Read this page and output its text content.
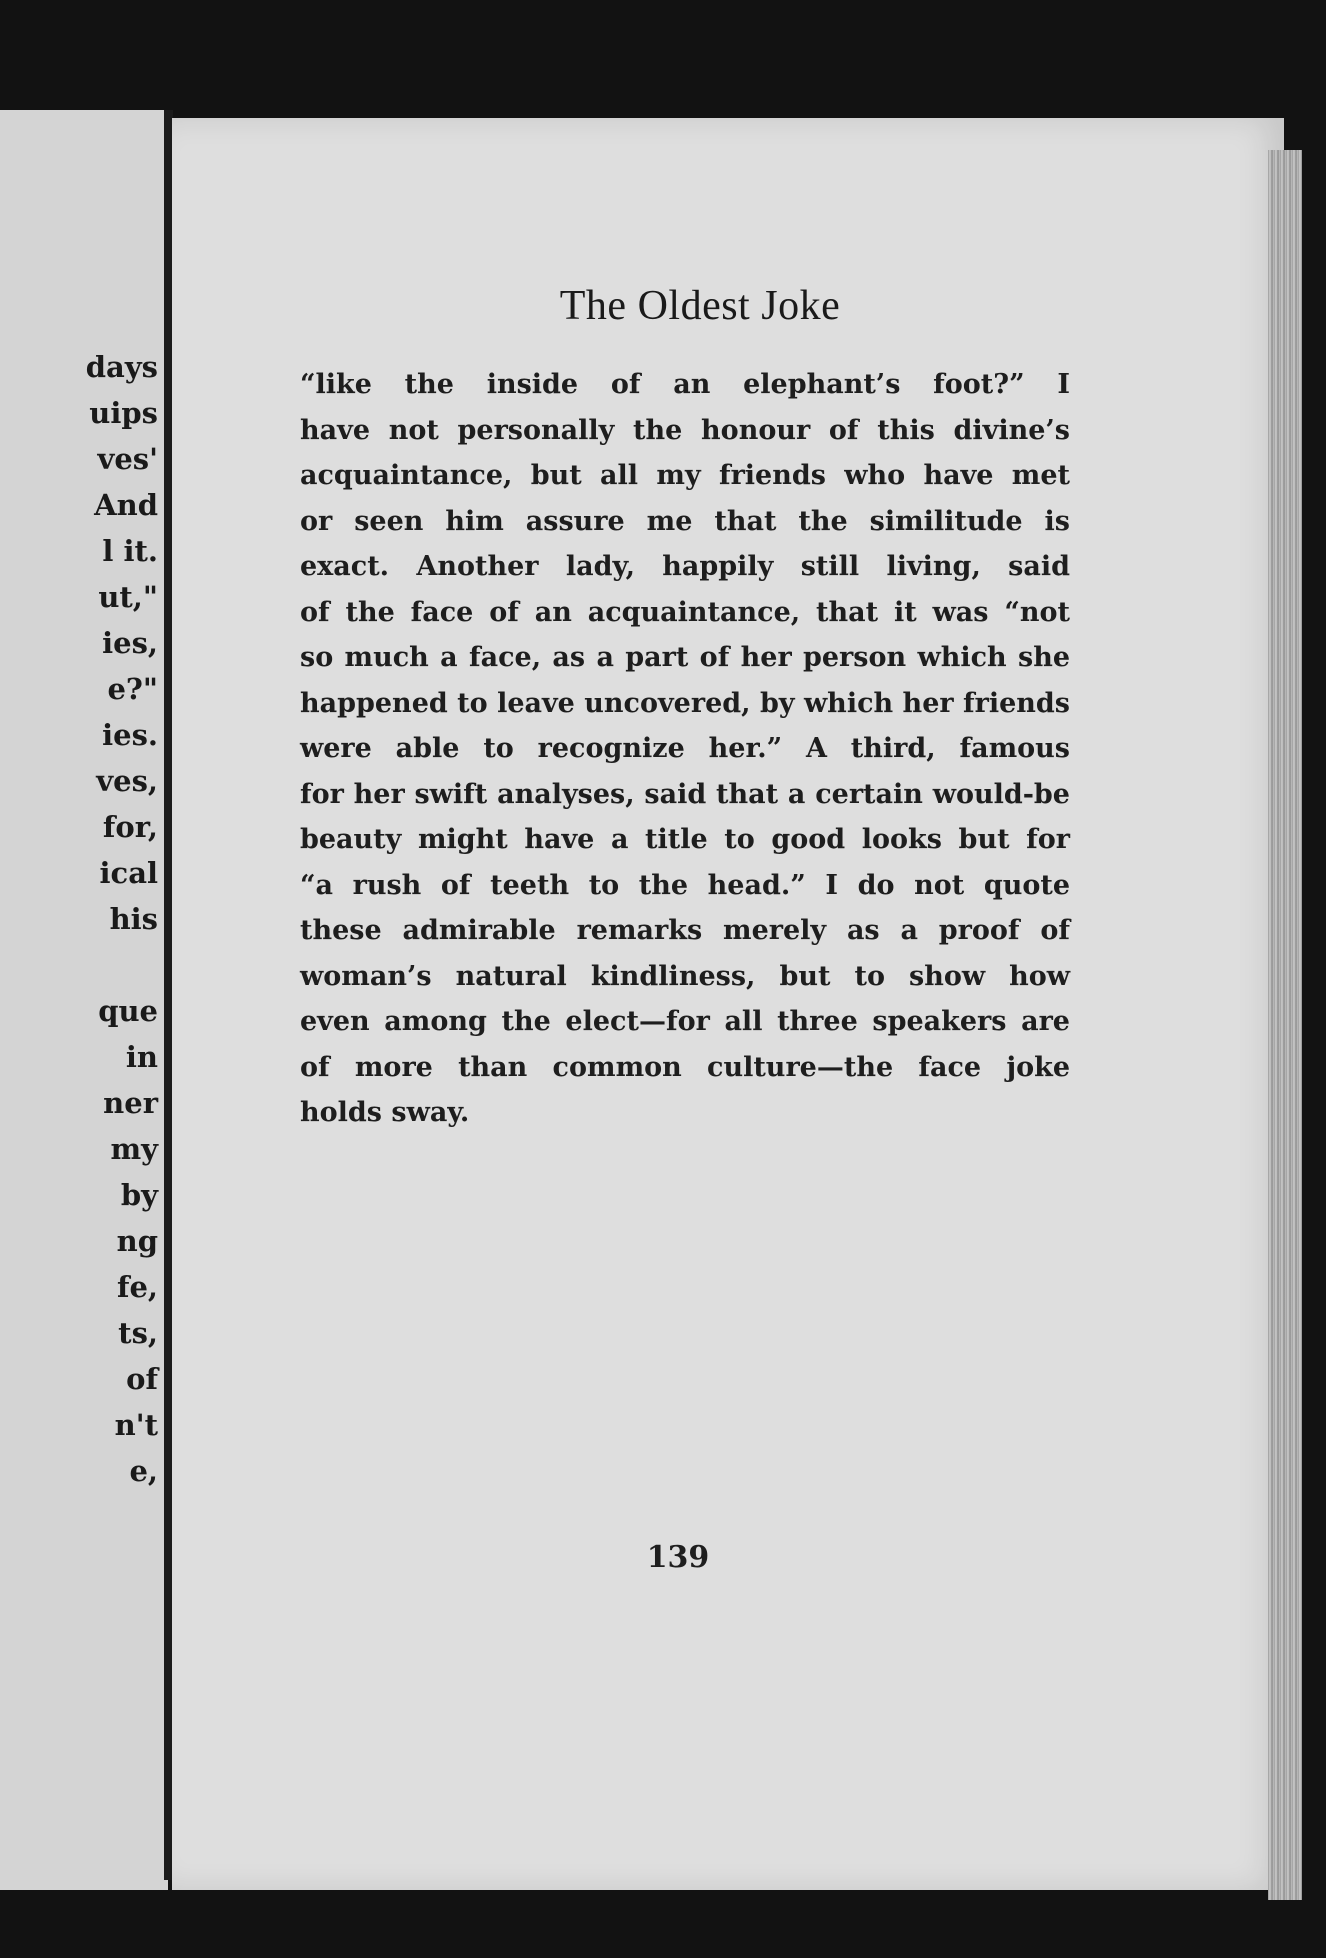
days
uips
ves'
And
l it.
ut,"
ies,
e?"
ies.
ves,
for,
ical
his
que
in
ner
my
by
ng
fe,
ts,
of
n't
e,
The Oldest Joke
“like the inside of an elephant’s foot?” I
have not personally the honour of this divine’s
acquaintance, but all my friends who have met
or seen him assure me that the similitude is
exact. Another lady, happily still living, said
of the face of an acquaintance, that it was “not
so much a face, as a part of her person which she
happened to leave uncovered, by which her friends
were able to recognize her.” A third, famous
for her swift analyses, said that a certain would-be
beauty might have a title to good looks but for
“a rush of teeth to the head.” I do not quote
these admirable remarks merely as a proof of
woman’s natural kindliness, but to show how
even among the elect—for all three speakers are
of more than common culture—the face joke
holds sway.
139
